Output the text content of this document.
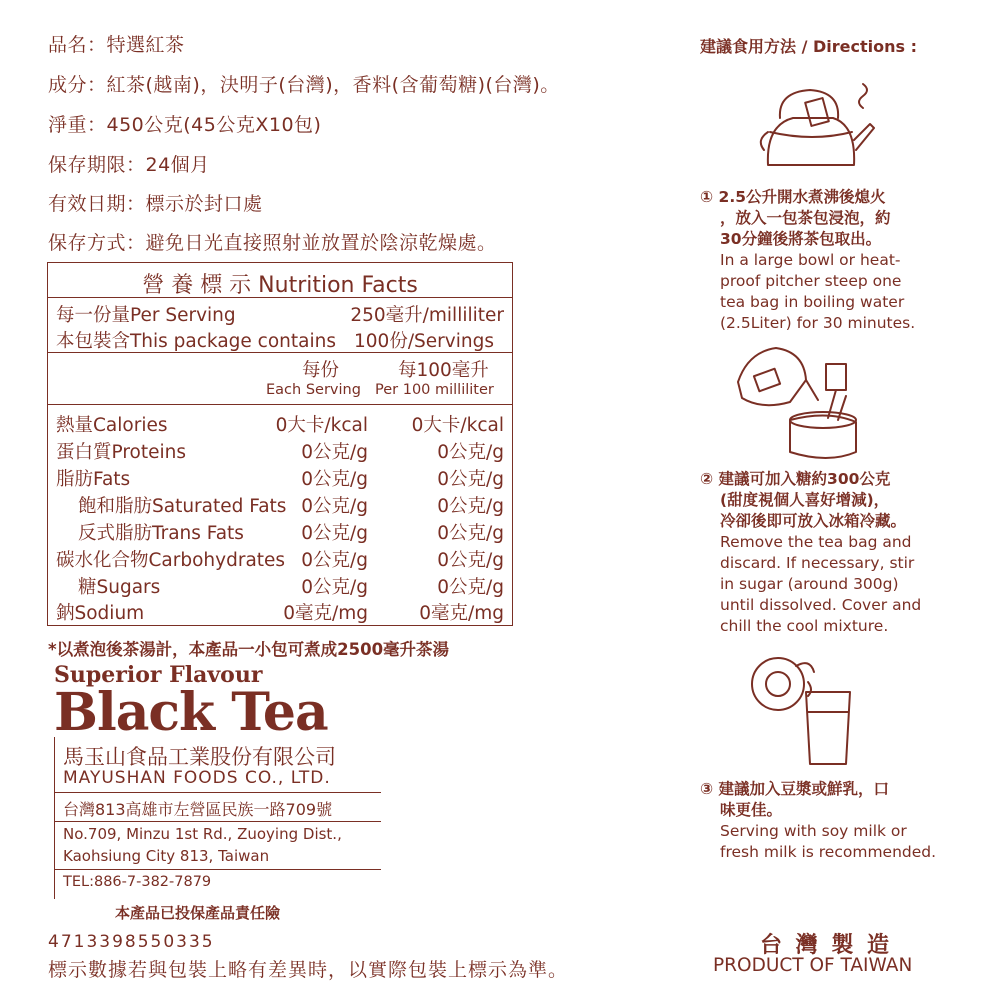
品名：特選紅茶
成分：紅茶(越南)，決明子(台灣)，香料(含葡萄糖)(台灣)。
淨重：450公克(45公克X10包)
保存期限：24個月
有效日期：標示於封口處
保存方式：避免日光直接照射並放置於陰涼乾燥處。
營 養 標 示 Nutrition Facts
每一份量Per Serving	250毫升/milliliter
本包裝含This package contains 100份/Servings
每份	每100毫升
Each Serving Per 100 milliliter
熱量Calories	0大卡/kcal 0大卡/kcal
蛋白質Proteins	0公克/g	0公克/g
脂肪Fats	0公克/g	0公克/g
飽和脂肪Saturated Fats 0公克/g	0公克/g
反式脂肪Trans Fats	0公克/g	0公克/g
碳水化合物Carbohydrates 0公克/g	0公克/g
糖Sugars	0公克/g	0公克/g
鈉Sodium	0毫克/mg	0毫克/mg
*以煮泡後茶湯計，本產品一小包可煮成2500毫升茶湯
Superior Flavour
Black Tea
馬玉山食品工業股份有限公司
MAYUSHAN FOODS CO., LTD.
台灣813高雄市左營區民族一路709號
No.709, Minzu 1st Rd., Zuoying Dist.,
Kaohsiung City 813, Taiwan
TEL:886-7-382-7879
本產品已投保產品責任險
4713398550335
標示數據若與包裝上略有差異時，以實際包裝上標示為準。
建議食用方法 / Directions :
① 2.5公升開水煮沸後熄火
，放入一包茶包浸泡，約
30分鐘後將茶包取出。
In a large bowl or heat-
proof pitcher steep one
tea bag in boiling water
(2.5Liter) for 30 minutes.
② 建議可加入糖約300公克
(甜度視個人喜好增減)，
冷卻後即可放入冰箱冷藏。
Remove the tea bag and
discard. If necessary, stir
in sugar (around 300g)
until dissolved. Cover and
chill the cool mixture.
③ 建議加入豆漿或鮮乳，口
味更佳。
Serving with soy milk or
fresh milk is recommended.
台 灣 製 造
PRODUCT OF TAIWAN
